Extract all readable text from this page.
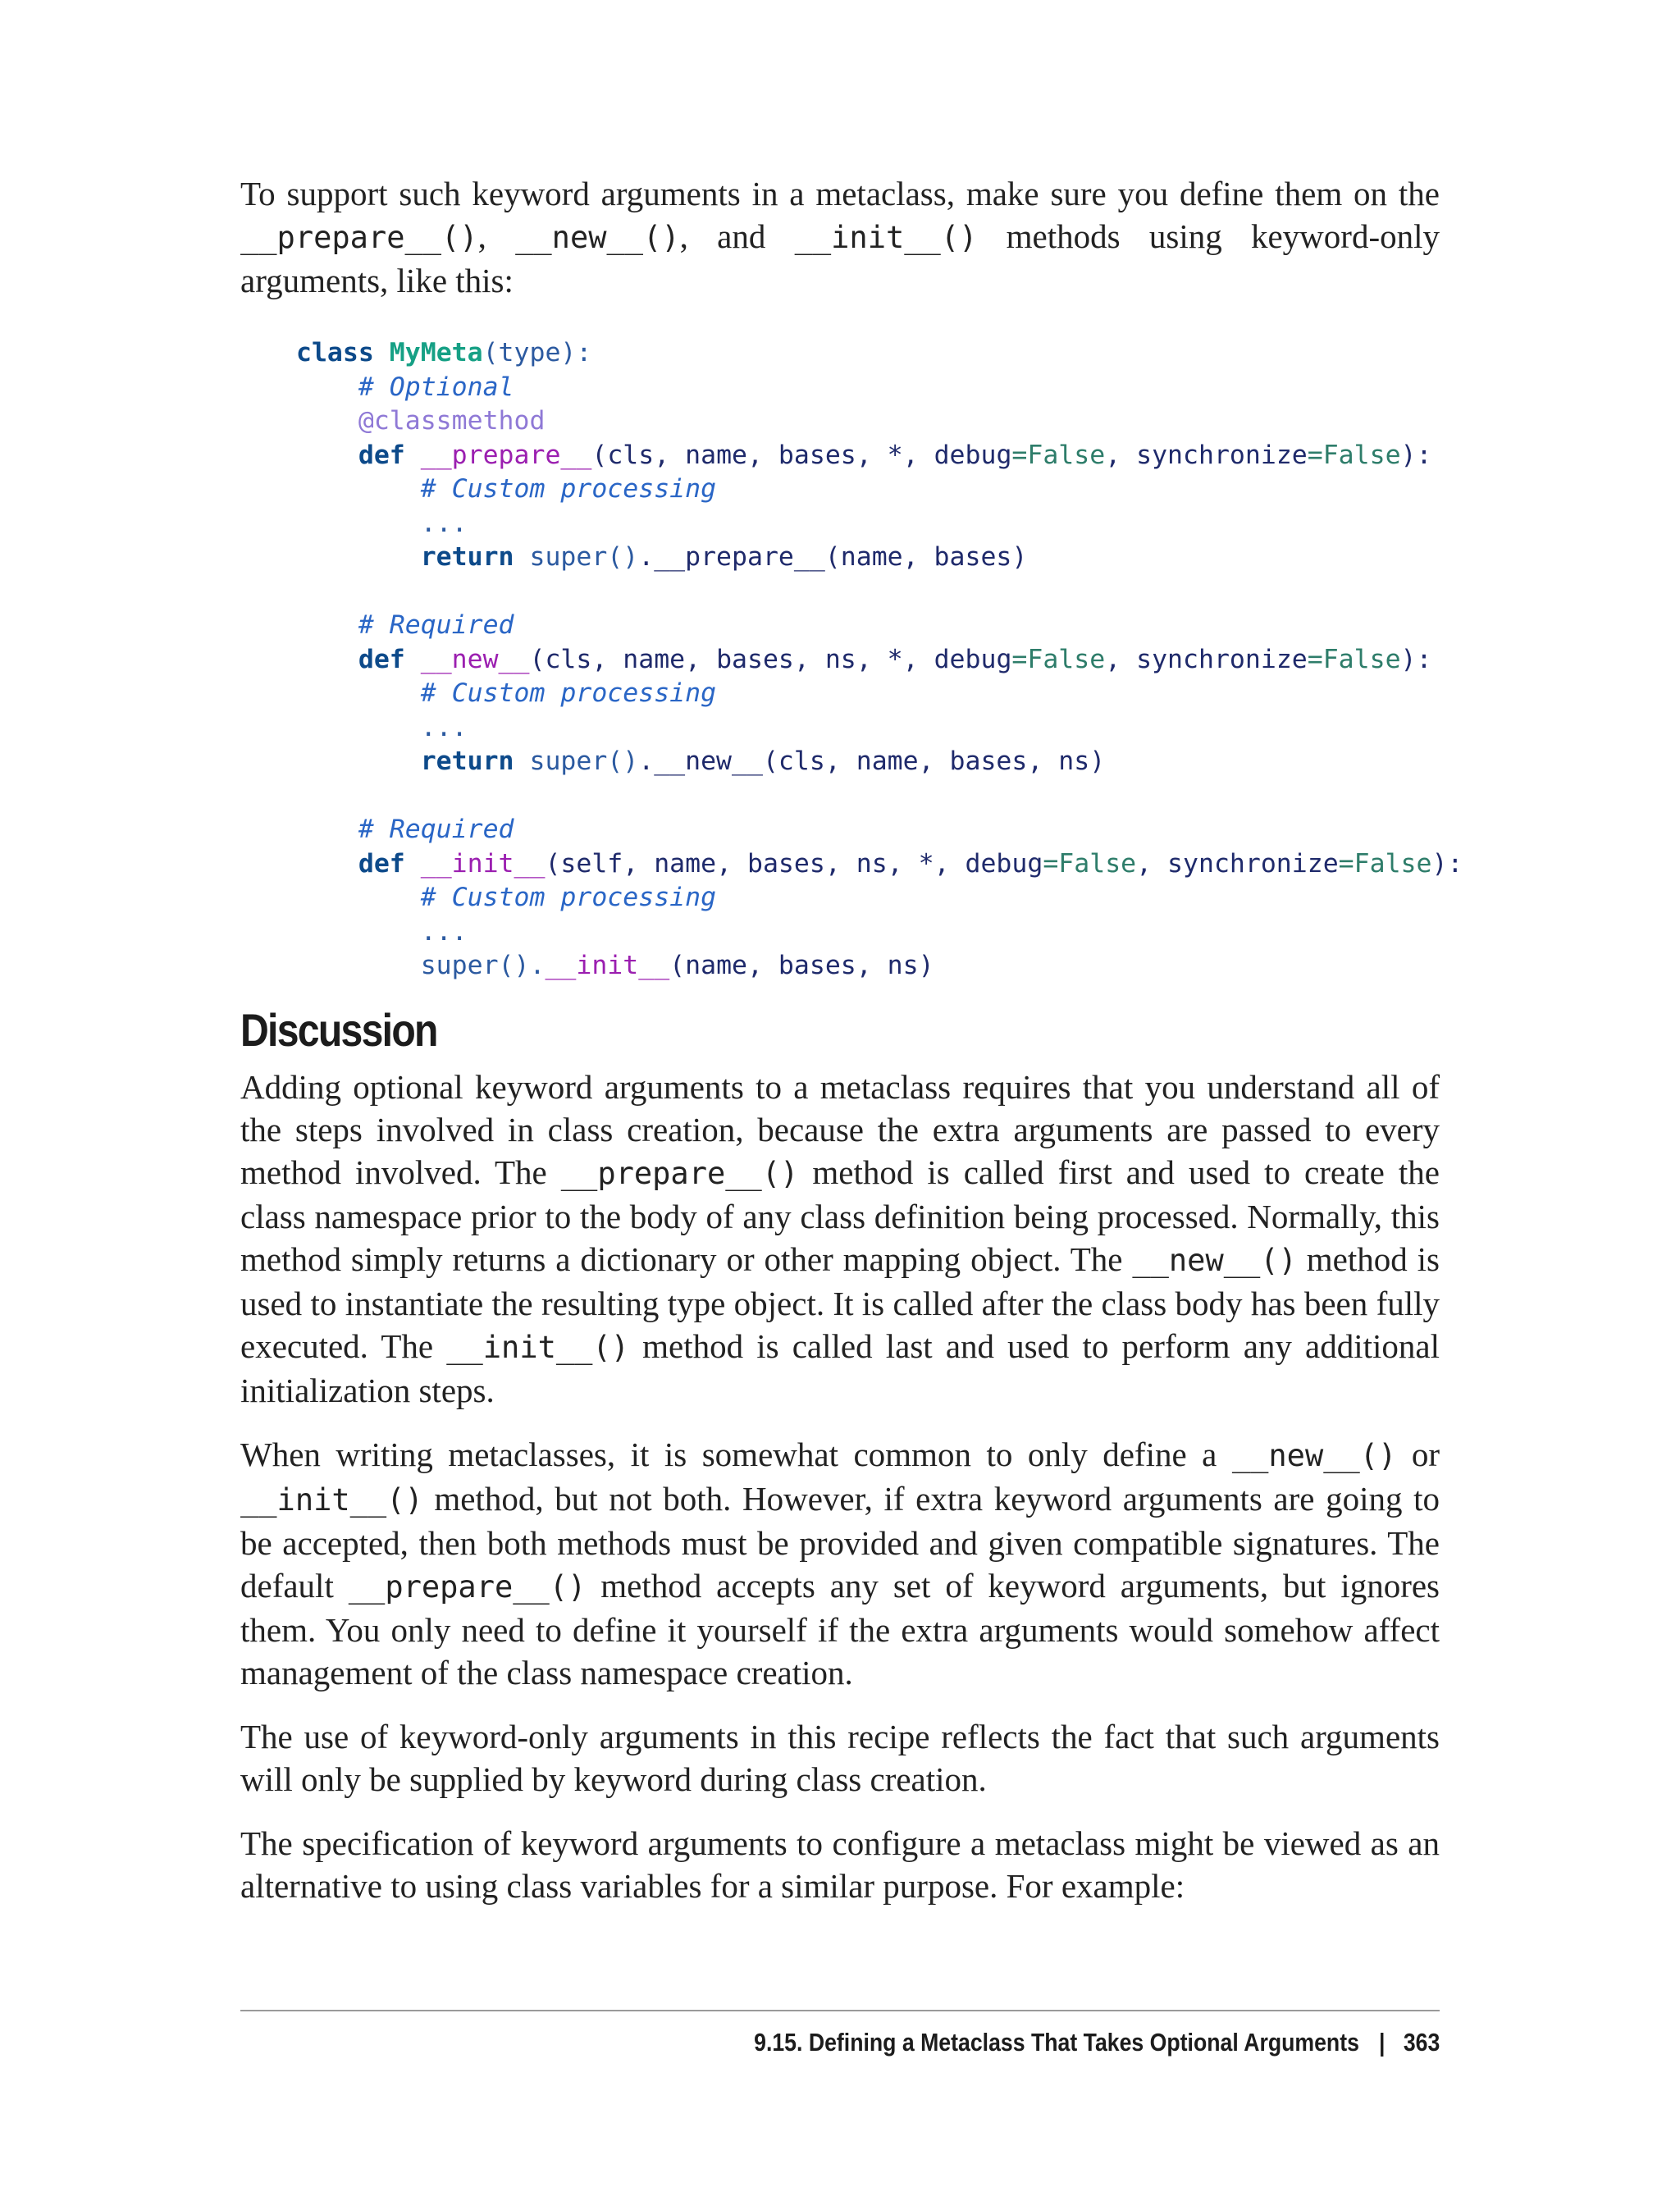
To support such keyword arguments in a metaclass, make sure you define them on the __prepare__(), __new__(), and __init__() methods using keyword-only arguments, like this:

class MyMeta(type):
# Optional
@classmethod
def __prepare__(cls, name, bases, *, debug=False, synchronize=False):
# Custom processing
...
return super().__prepare__(name, bases)

# Required
def __new__(cls, name, bases, ns, *, debug=False, synchronize=False):
# Custom processing
...
return super().__new__(cls, name, bases, ns)

# Required
def __init__(self, name, bases, ns, *, debug=False, synchronize=False):
# Custom processing
...
super().__init__(name, bases, ns)
Discussion

Adding optional keyword arguments to a metaclass requires that you understand all of the steps involved in class creation, because the extra arguments are passed to every method involved. The __prepare__() method is called first and used to create the class namespace prior to the body of any class definition being processed. Normally, this method simply returns a dictionary or other mapping object. The __new__() method is used to instantiate the resulting type object. It is called after the class body has been fully executed. The __init__() method is called last and used to perform any additional initialization steps.

When writing metaclasses, it is somewhat common to only define a __new__() or __init__() method, but not both. However, if extra keyword arguments are going to be accepted, then both methods must be provided and given compatible signatures. The default __prepare__() method accepts any set of keyword arguments, but ignores them. You only need to define it yourself if the extra arguments would somehow affect management of the class namespace creation.

The use of keyword-only arguments in this recipe reflects the fact that such arguments will only be supplied by keyword during class creation.

The specification of keyword arguments to configure a metaclass might be viewed as an alternative to using class variables for a similar purpose. For example:

9.15. Defining a Metaclass That Takes Optional Arguments | 363
